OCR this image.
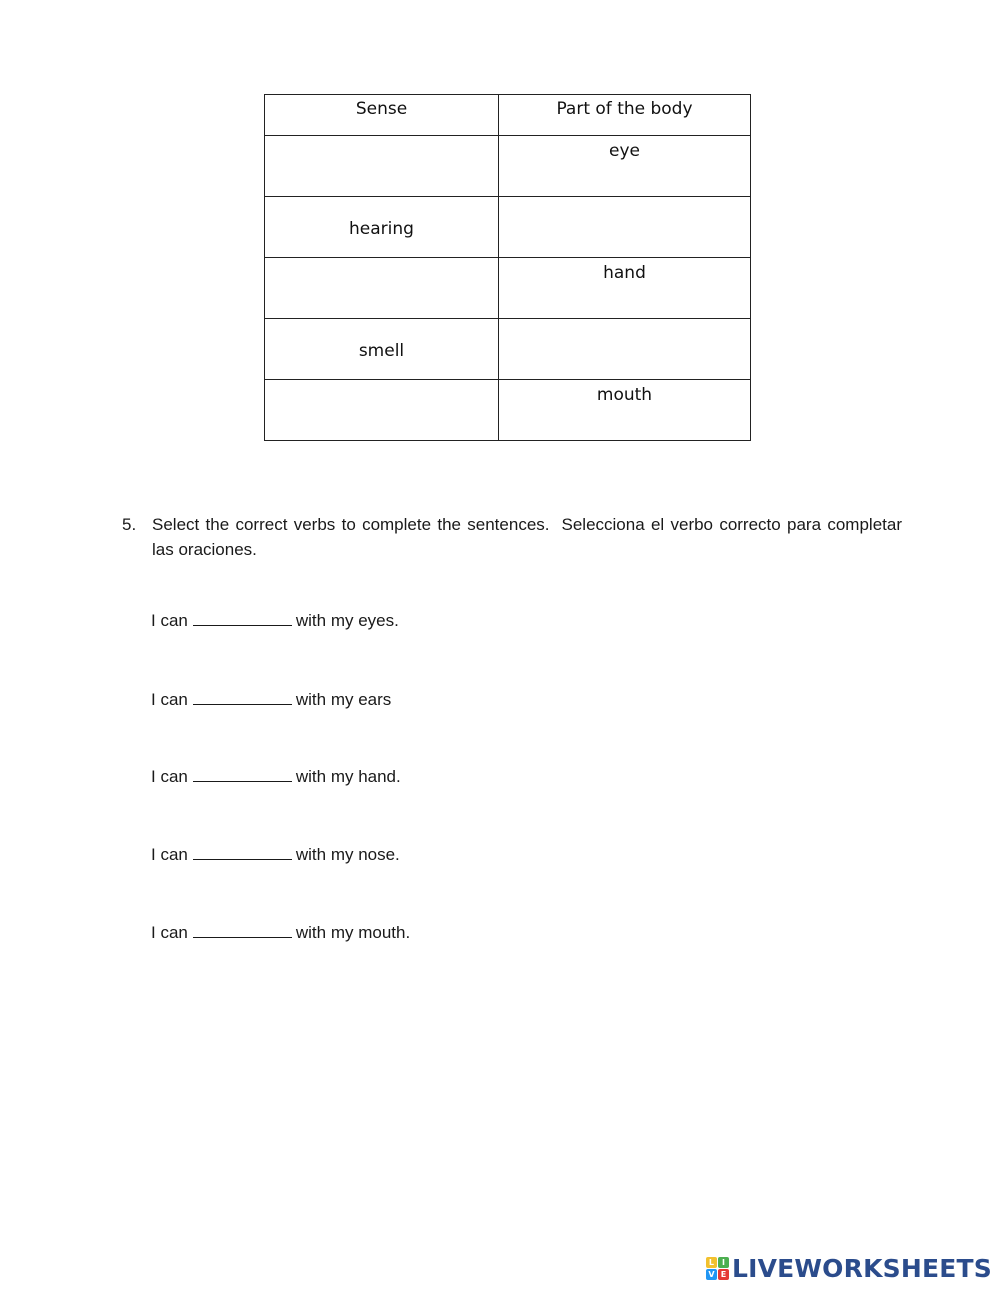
Sense	Part of the body
	eye
hearing	
	hand
smell	
	mouth
5. Select the correct verbs to complete the sentences. Selecciona el verbo correcto para completar las oraciones.
I can	with my eyes.
I can	with my ears
I can	with my hand.
I can	with my nose.
I can	with my mouth.
L I
V E LIVEWORKSHEETS
